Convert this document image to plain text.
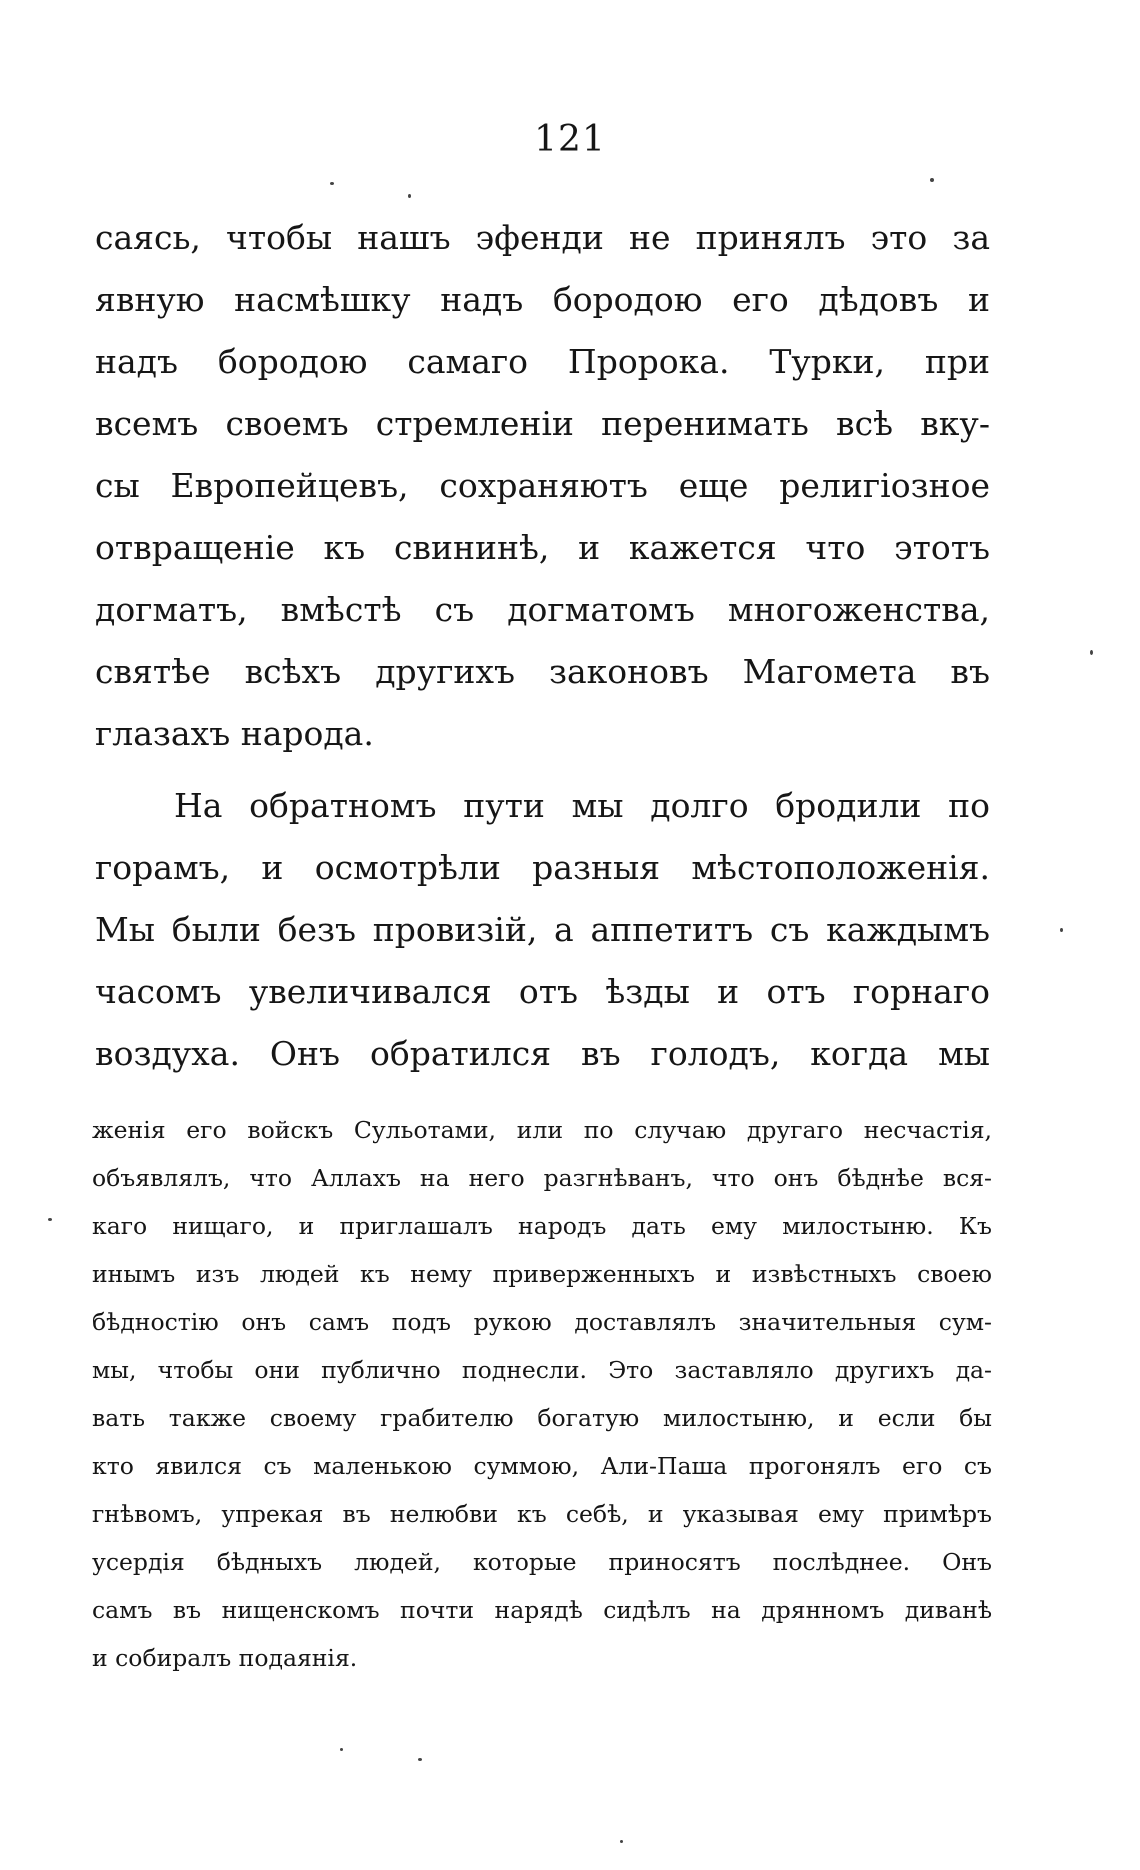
121
саясь, чтобы нашъ эфенди не принялъ это за
явную насмѣшку надъ бородою его дѣдовъ и
надъ бородою самаго Пророка. Турки, при
всемъ своемъ стремленіи перенимать всѣ вку-
сы Европейцевъ, сохраняютъ еще религіозное
отвращеніе къ свининѣ, и кажется что этотъ
догматъ, вмѣстѣ съ догматомъ многоженства,
святѣе всѣхъ другихъ законовъ Магомета въ
глазахъ народа.
На обратномъ пути мы долго бродили по
горамъ, и осмотрѣли разныя мѣстоположенія.
Мы были безъ провизій, а аппетитъ съ каждымъ
часомъ увеличивался отъ ѣзды и отъ горнаго
воздуха. Онъ обратился въ голодъ, когда мы
женія его войскъ Сульотами, или по случаю другаго несчастія,
объявлялъ, что Аллахъ на него разгнѣванъ, что онъ бѣднѣе вся-
каго нищаго, и приглашалъ народъ дать ему милостыню. Къ
инымъ изъ людей къ нему приверженныхъ и извѣстныхъ своею
бѣдностію онъ самъ подъ рукою доставлялъ значительныя сум-
мы, чтобы они публично поднесли. Это заставляло другихъ да-
вать также своему грабителю богатую милостыню, и если бы
кто явился съ маленькою суммою, Али-Паша прогонялъ его съ
гнѣвомъ, упрекая въ нелюбви къ себѣ, и указывая ему примѣръ
усердія бѣдныхъ людей, которые приносятъ послѣднее. Онъ
самъ въ нищенскомъ почти нарядѣ сидѣлъ на дрянномъ диванѣ
и собиралъ подаянія.
